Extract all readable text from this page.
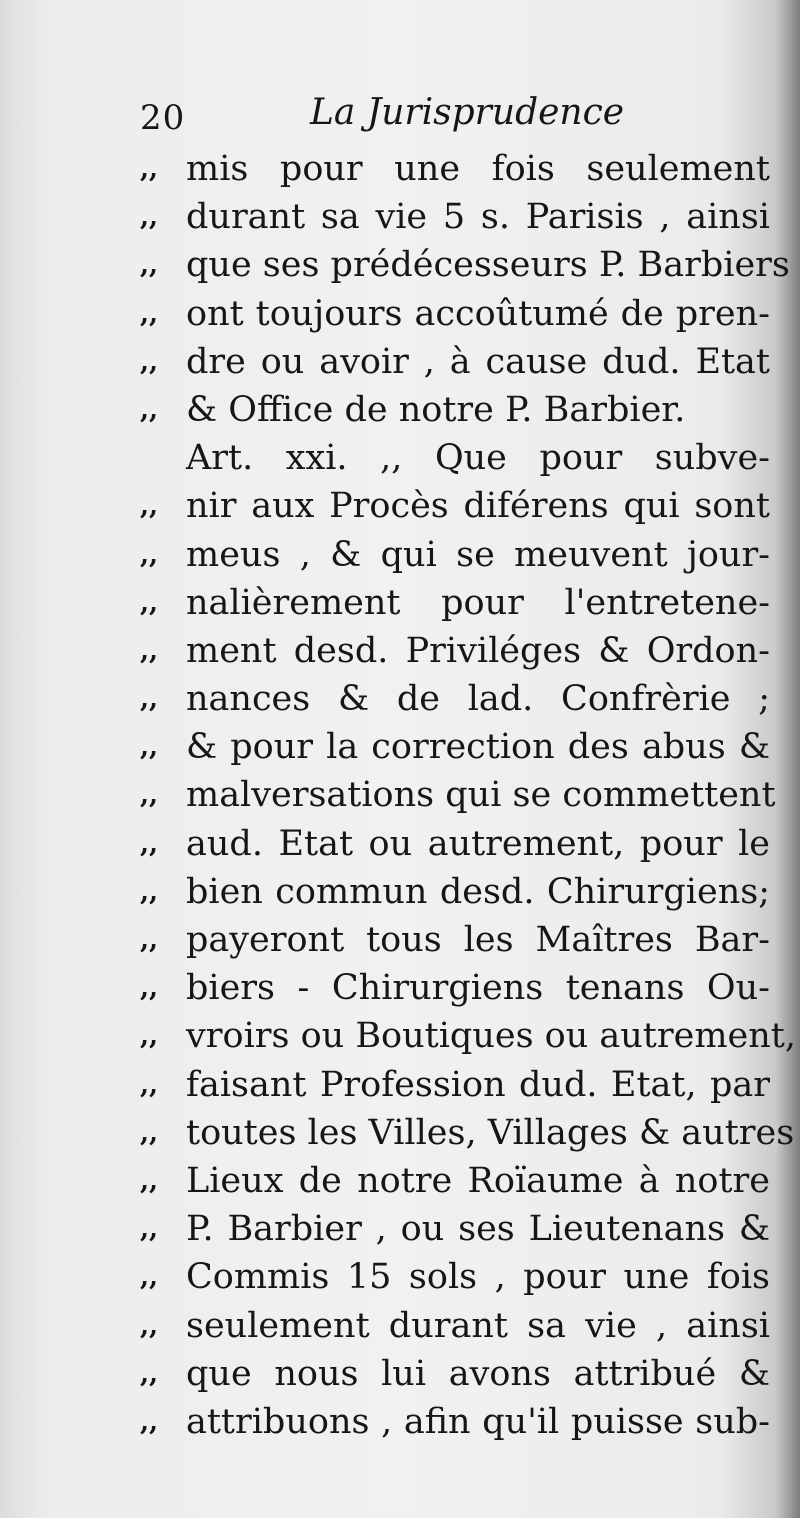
20	La Jurisprudence
,, mis pour une fois seulement
,, durant sa vie 5 s. Parisis , ainsi
,, que ses prédécesseurs P. Barbiers
,, ont toujours accoûtumé de pren-
,, dre ou avoir , à cause dud. Etat
,, & Office de notre P. Barbier.
Art. xxi. ,, Que pour subve-
,, nir aux Procès diférens qui sont
,, meus , & qui se meuvent jour-
,, nalièrement pour l'entretene-
,, ment desd. Priviléges & Ordon-
,, nances & de lad. Confrèrie ;
,, & pour la correction des abus &
,, malversations qui se commettent
,, aud. Etat ou autrement, pour le
,, bien commun desd. Chirurgiens;
,, payeront tous les Maîtres Bar-
,, biers - Chirurgiens tenans Ou-
,, vroirs ou Boutiques ou autrement,
,, faisant Profession dud. Etat, par
,, toutes les Villes, Villages & autres
,, Lieux de notre Roïaume à notre
,, P. Barbier , ou ses Lieutenans &
,, Commis 15 sols , pour une fois
,, seulement durant sa vie , ainsi
,, que nous lui avons attribué &
,, attribuons , afin qu'il puisse sub-
